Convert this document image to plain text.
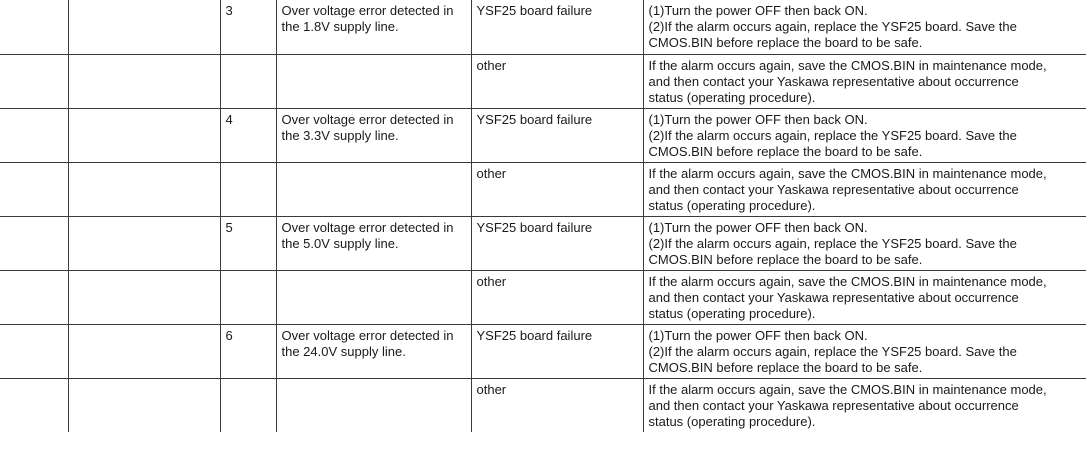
		3	Over voltage error detected in
the 1.8V supply line.	YSF25 board failure	(1)Turn the power OFF then back ON.
(2)If the alarm occurs again, replace the YSF25 board. Save the
CMOS.BIN before replace the board to be safe.

				other	If the alarm occurs again, save the CMOS.BIN in maintenance mode,
and then contact your Yaskawa representative about occurrence
status (operating procedure).

		4	Over voltage error detected in
the 3.3V supply line.	YSF25 board failure	(1)Turn the power OFF then back ON.
(2)If the alarm occurs again, replace the YSF25 board. Save the
CMOS.BIN before replace the board to be safe.

				other	If the alarm occurs again, save the CMOS.BIN in maintenance mode,
and then contact your Yaskawa representative about occurrence
status (operating procedure).

		5	Over voltage error detected in
the 5.0V supply line.	YSF25 board failure	(1)Turn the power OFF then back ON.
(2)If the alarm occurs again, replace the YSF25 board. Save the
CMOS.BIN before replace the board to be safe.

				other	If the alarm occurs again, save the CMOS.BIN in maintenance mode,
and then contact your Yaskawa representative about occurrence
status (operating procedure).

		6	Over voltage error detected in
the 24.0V supply line.	YSF25 board failure	(1)Turn the power OFF then back ON.
(2)If the alarm occurs again, replace the YSF25 board. Save the
CMOS.BIN before replace the board to be safe.

				other	If the alarm occurs again, save the CMOS.BIN in maintenance mode,
and then contact your Yaskawa representative about occurrence
status (operating procedure).
